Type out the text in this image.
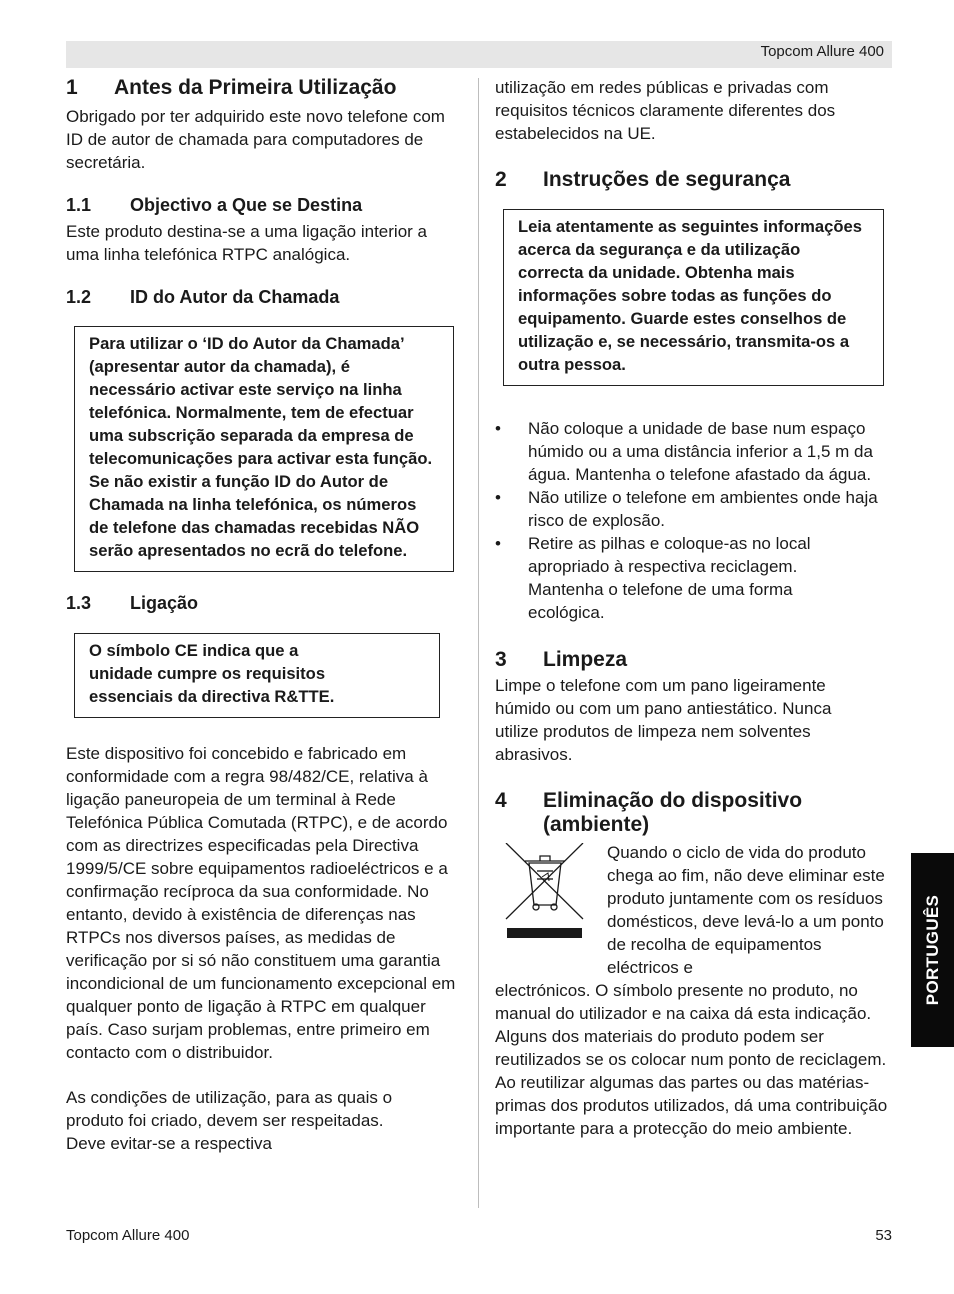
Topcom Allure 400
1	Antes da Primeira Utilização

Obrigado por ter adquirido este novo telefone com ID de autor de chamada para computadores de secretária.

1.1	Objectivo a Que se Destina

Este produto destina-se a uma ligação interior a uma linha telefónica RTPC analógica.

1.2	ID do Autor da Chamada
Para utilizar o ‘ID do Autor da Chamada’ (apresentar autor da chamada), é necessário activar este serviço na linha telefónica. Normalmente, tem de efectuar uma subscrição separada da empresa de telecomunicações para activar esta função. Se não existir a função ID do Autor de Chamada na linha telefónica, os números de telefone das chamadas recebidas NÃO serão apresentados no ecrã do telefone.
1.3	Ligação
O símbolo CE indica que a unidade cumpre os requisitos essenciais da directiva R&TTE.

Este dispositivo foi concebido e fabricado em conformidade com a regra 98/482/CE, relativa à ligação paneuropeia de um terminal à Rede Telefónica Pública Comutada (RTPC), e de acordo com as directrizes especificadas pela Directiva 1999/5/CE sobre equipamentos radioeléctricos e a confirmação recíproca da sua conformidade. No entanto, devido à existência de diferenças nas RTPCs nos diversos países, as medidas de verificação por si só não constituem uma garantia incondicional de um funcionamento excepcional em qualquer ponto de ligação à RTPC em qualquer país. Caso surjam problemas, entre primeiro em contacto com o distribuidor.

As condições de utilização, para as quais o produto foi criado, devem ser respeitadas. Deve evitar-se a respectiva

utilização em redes públicas e privadas com requisitos técnicos claramente diferentes dos estabelecidos na UE.

2	Instruções de segurança
Leia atentamente as seguintes informações acerca da segurança e da utilização correcta da unidade. Obtenha mais informações sobre todas as funções do equipamento. Guarde estes conselhos de utilização e, se necessário, transmita-os a outra pessoa.
• Não coloque a unidade de base num espaço húmido ou a uma distância inferior a 1,5 m da água. Mantenha o telefone afastado da água.
• Não utilize o telefone em ambientes onde haja risco de explosão.
• Retire as pilhas e coloque-as no local apropriado à respectiva reciclagem. Mantenha o telefone de uma forma ecológica.
3	Limpeza

Limpe o telefone com um pano ligeiramente húmido ou com um pano antiestático. Nunca utilize produtos de limpeza nem solventes abrasivos.

4	Eliminação do dispositivo (ambiente)

Quando o ciclo de vida do produto chega ao fim, não deve eliminar este produto juntamente com os resíduos domésticos, deve levá-lo a um ponto de recolha de equipamentos eléctricos e

electrónicos. O símbolo presente no produto, no manual do utilizador e na caixa dá esta indicação. Alguns dos materiais do produto podem ser reutilizados se os colocar num ponto de reciclagem. Ao reutilizar algumas das partes ou das matérias-primas dos produtos utilizados, dá uma contribuição importante para a protecção do meio ambiente.

PORTUGUÊS
Topcom Allure 400	53
